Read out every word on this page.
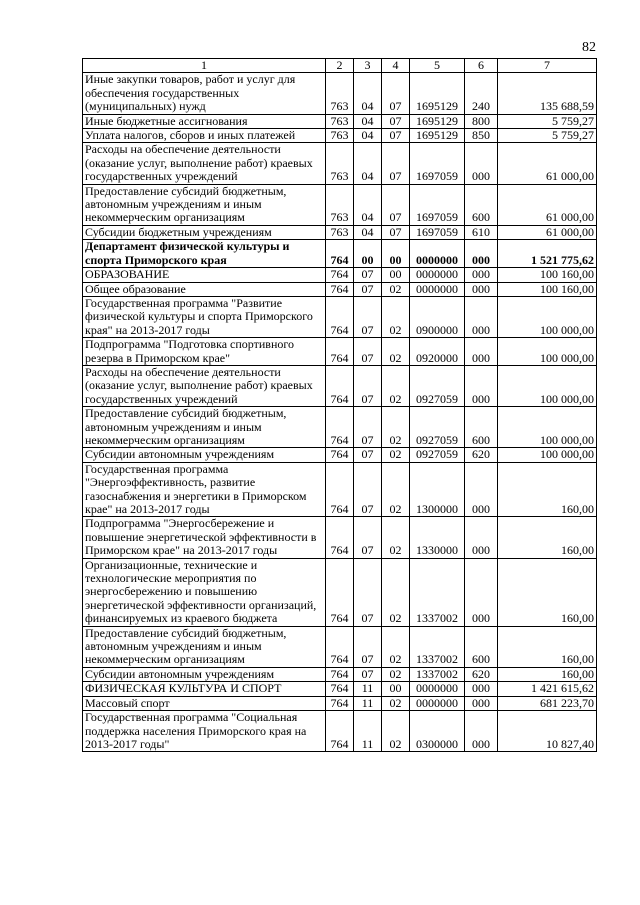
82
1	2	3	4	5	6	7
Иные закупки товаров, работ и услуг для обеспечения государственных (муниципальных) нужд	763	04	07	1695129	240	135 688,59
Иные бюджетные ассигнования	763	04	07	1695129	800	5 759,27
Уплата налогов, сборов и иных платежей	763	04	07	1695129	850	5 759,27
Расходы на обеспечение деятельности (оказание услуг, выполнение работ) краевых государственных учреждений	763	04	07	1697059	000	61 000,00
Предоставление субсидий бюджетным, автономным учреждениям и иным некоммерческим организациям	763	04	07	1697059	600	61 000,00
Субсидии бюджетным учреждениям	763	04	07	1697059	610	61 000,00
Департамент физической культуры и спорта Приморского края	764	00	00	0000000	000	1 521 775,62
ОБРАЗОВАНИЕ	764	07	00	0000000	000	100 160,00
Общее образование	764	07	02	0000000	000	100 160,00
Государственная программа "Развитие физической культуры и спорта Приморского края" на 2013-2017 годы	764	07	02	0900000	000	100 000,00
Подпрограмма "Подготовка спортивного резерва в Приморском крае"	764	07	02	0920000	000	100 000,00
Расходы на обеспечение деятельности (оказание услуг, выполнение работ) краевых государственных учреждений	764	07	02	0927059	000	100 000,00
Предоставление субсидий бюджетным, автономным учреждениям и иным некоммерческим организациям	764	07	02	0927059	600	100 000,00
Субсидии автономным учреждениям	764	07	02	0927059	620	100 000,00
Государственная программа "Энергоэффективность, развитие газоснабжения и энергетики в Приморском крае" на 2013-2017 годы	764	07	02	1300000	000	160,00
Подпрограмма "Энергосбережение и повышение энергетической эффективности в Приморском крае" на 2013-2017 годы	764	07	02	1330000	000	160,00
Организационные, технические и технологические мероприятия по энергосбережению и повышению энергетической эффективности организаций, финансируемых из краевого бюджета	764	07	02	1337002	000	160,00
Предоставление субсидий бюджетным, автономным учреждениям и иным некоммерческим организациям	764	07	02	1337002	600	160,00
Субсидии автономным учреждениям	764	07	02	1337002	620	160,00
ФИЗИЧЕСКАЯ КУЛЬТУРА И СПОРТ	764	11	00	0000000	000	1 421 615,62
Массовый спорт	764	11	02	0000000	000	681 223,70
Государственная программа "Социальная поддержка населения Приморского края на 2013-2017 годы"	764	11	02	0300000	000	10 827,40
